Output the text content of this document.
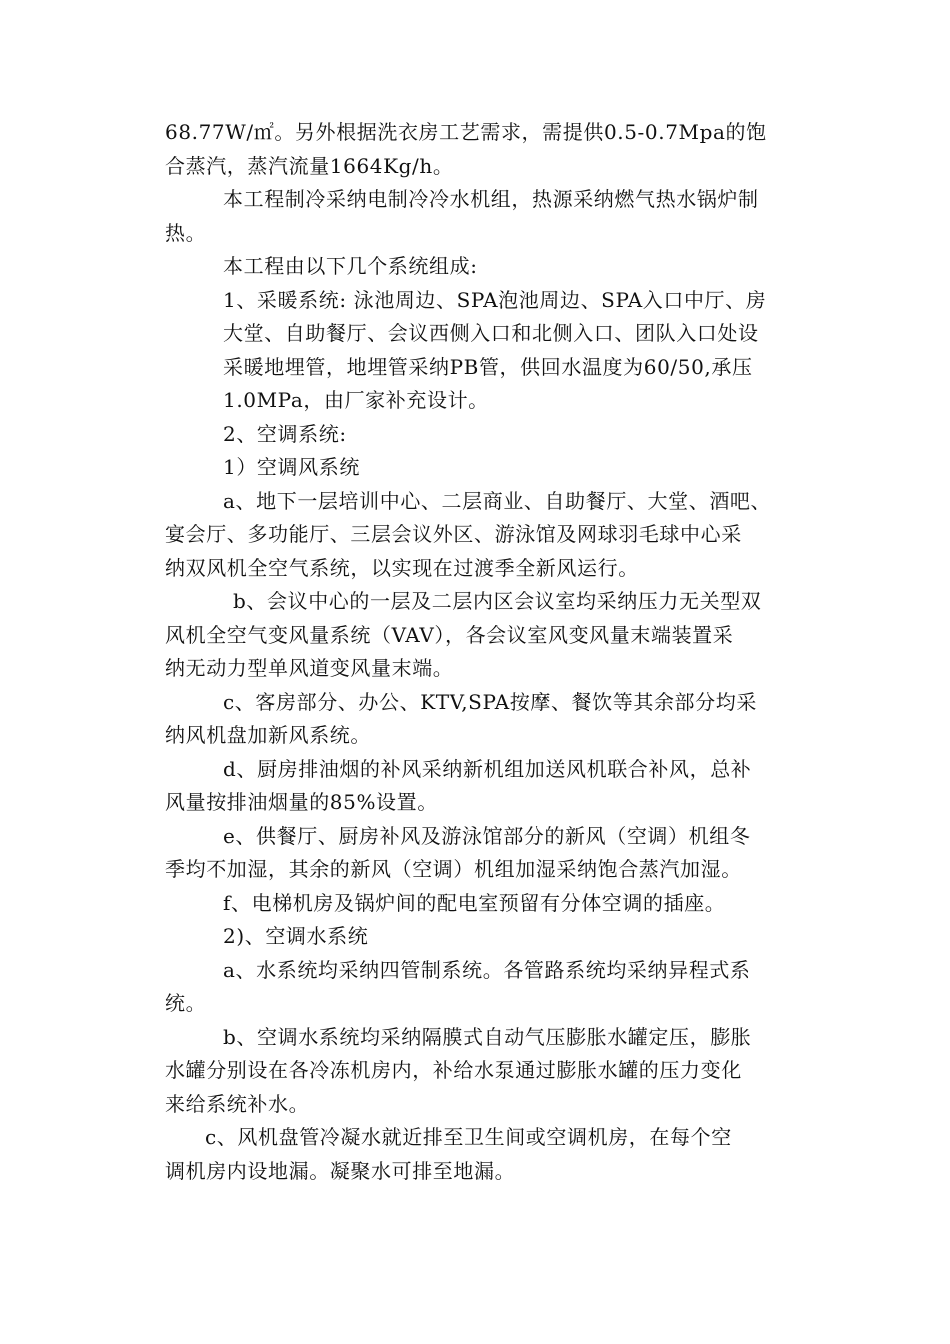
68.77W/㎡。另外根据洗衣房工艺需求，需提供0.5-0.7Mpa的饱

合蒸汽，蒸汽流量1664Kg/h。

本工程制冷采纳电制冷冷水机组，热源采纳燃气热水锅炉制

热。

本工程由以下几个系统组成:

1、采暖系统: 泳池周边、SPA泡池周边、SPA入口中厅、房

大堂、自助餐厅、会议西侧入口和北侧入口、团队入口处设

采暖地埋管，地埋管采纳PB管，供回水温度为60/50,承压

1.0MPa，由厂家补充设计。

2、空调系统:

1）空调风系统

a、地下一层培训中心、二层商业、自助餐厅、大堂、酒吧、

宴会厅、多功能厅、三层会议外区、游泳馆及网球羽毛球中心采

纳双风机全空气系统，以实现在过渡季全新风运行。

b、会议中心的一层及二层内区会议室均采纳压力无关型双

风机全空气变风量系统（VAV），各会议室风变风量末端装置采

纳无动力型单风道变风量末端。

c、客房部分、办公、KTV,SPA按摩、餐饮等其余部分均采

纳风机盘加新风系统。

d、厨房排油烟的补风采纳新机组加送风机联合补风，总补

风量按排油烟量的85%设置。

e、供餐厅、厨房补风及游泳馆部分的新风（空调）机组冬

季均不加湿，其余的新风（空调）机组加湿采纳饱合蒸汽加湿。

f、电梯机房及锅炉间的配电室预留有分体空调的插座。

2)、空调水系统

a、水系统均采纳四管制系统。各管路系统均采纳异程式系

统。

b、空调水系统均采纳隔膜式自动气压膨胀水罐定压，膨胀

水罐分别设在各冷冻机房内，补给水泵通过膨胀水罐的压力变化

来给系统补水。

c、风机盘管冷凝水就近排至卫生间或空调机房，在每个空

调机房内设地漏。凝聚水可排至地漏。
